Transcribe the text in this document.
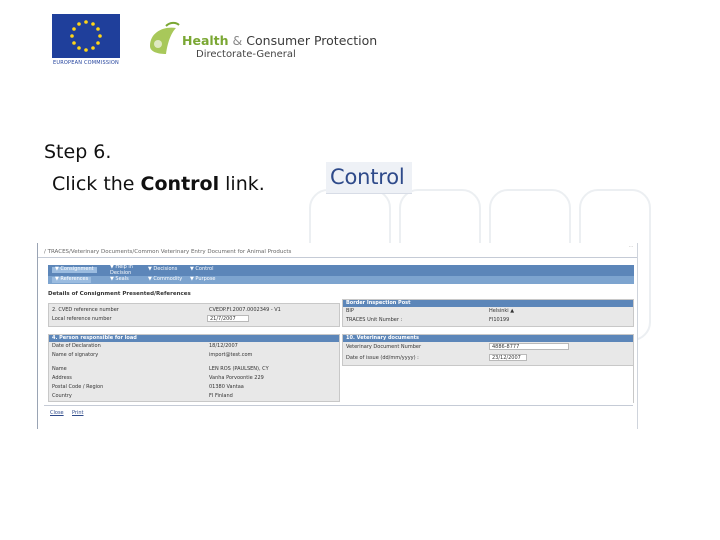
EUROPEAN COMMISSION
Health & Consumer Protection
Directorate-General
Step 6.
Click the Control link.	Control
/ TRACES/Veterinary Documents/Common Veterinary Entry Document for Animal Products
…
▼ Consignment	▼ Help in Decision
▼ Decisions	▼ Control
▼ References	▼ Seals	▼ Commodity ▼ Purpose
Details of Consignment Presented/References
2. CVED reference number	CVEDP.FI.2007.0002349 - V1
Local reference number	21/7/2007
4. Person responsible for load
Date of Declaration	18/12/2007
Name of signatory	import@test.com
Name	LEN ROS (PAULSEN), CY
Address	Vanha Porvoontie 229
Postal Code / Region	01380 Vantaa
Country	FI Finland
Border Inspection Post
BIP	Helsinki ▲
TRACES Unit Number :	FI10199
10. Veterinary documents
Veterinary Document Number	4886-8777
Date of issue (dd/mm/yyyy) :	23/12/2007
Close Print
